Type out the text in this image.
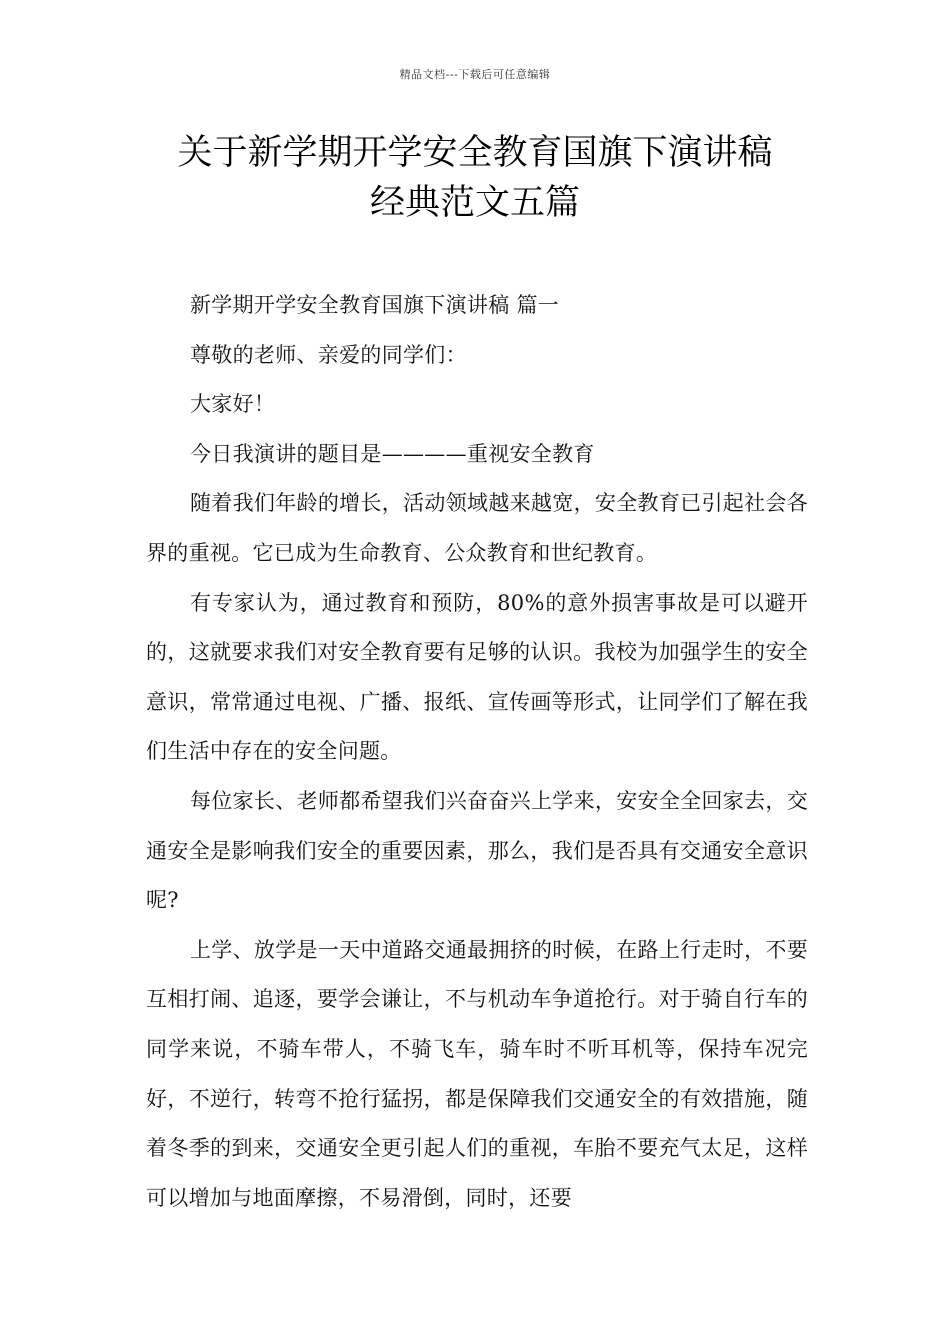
精品文档---下载后可任意编辑
关于新学期开学安全教育国旗下演讲稿
经典范文五篇

新学期开学安全教育国旗下演讲稿 篇一

尊敬的老师、亲爱的同学们：

大家好！

今日我演讲的题目是————重视安全教育

随着我们年龄的增长，活动领域越来越宽，安全教育已引起社会各界的重视。它已成为生命教育、公众教育和世纪教育。

有专家认为，通过教育和预防，80%的意外损害事故是可以避开的，这就要求我们对安全教育要有足够的认识。我校为加强学生的安全意识，常常通过电视、广播、报纸、宣传画等形式，让同学们了解在我们生活中存在的安全问题。

每位家长、老师都希望我们兴奋奋兴上学来，安安全全回家去，交通安全是影响我们安全的重要因素，那么，我们是否具有交通安全意识呢?

上学、放学是一天中道路交通最拥挤的时候，在路上行走时，不要互相打闹、追逐，要学会谦让，不与机动车争道抢行。对于骑自行车的同学来说，不骑车带人，不骑飞车，骑车时不听耳机等，保持车况完好，不逆行，转弯不抢行猛拐，都是保障我们交通安全的有效措施，随着冬季的到来，交通安全更引起人们的重视，车胎不要充气太足，这样可以增加与地面摩擦，不易滑倒，同时，还要
